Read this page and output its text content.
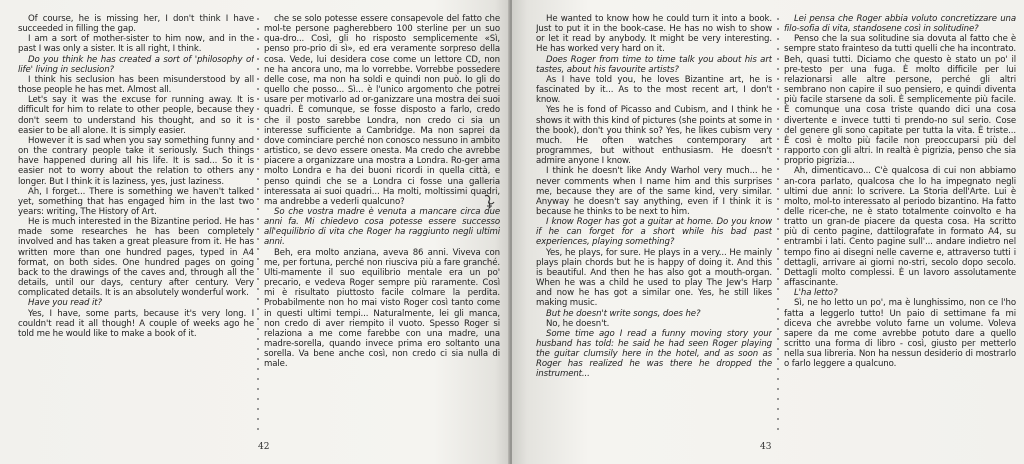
Of course, he is missing her, I don't think I have succeeded in filling the gap.

I am a sort of mother-sister to him now, and in the past I was only a sister. It is all right, I think.

Do you think he has created a sort of 'philosophy of life' living in seclusion?

I think his seclusion has been misunderstood by all those people he has met. Almost all.

Let's say it was the excuse for running away. It is difficult for him to relate to other people, because they don't seem to understand his thought, and so it is easier to be all alone. It is simply easier.

However it is sad when you say something funny and on the contrary people take it seriously. Such things have happened during all his life. It is sad... So it is easier not to worry about the relation to others any longer. But I think it is laziness, yes, just laziness.

Ah, I forget... There is something we haven't talked yet, something that has engaged him in the last two years: writing, The History of Art.

He is much interested in the Bizantine period. He has made some researches he has been completely involved and has taken a great pleasure from it. He has written more than one hundred pages, typed in A4 format, on both sides. One hundred pages on going back to the drawings of the caves and, through all the details, until our days, century after century. Very complicated details. It is an absolutely wonderful work.

Have you read it?

Yes, I have, some parts, because it's very long. I couldn't read it all though! A couple of weeks ago he told me he would like to make a book of it.

che se solo potesse essere consapevole del fatto che mol-te persone pagherebbero 100 sterline per un suo qua-dro... Così, gli ho risposto semplicemente «Sì, penso pro-prio di sì», ed era veramente sorpreso della cosa. Vede, lui desidera cose come un lettore CD, non ne ha ancora uno, ma lo vorrebbe. Vorrebbe possedere delle cose, ma non ha soldi e quindi non può. Io gli do quello che posso... Sì... è l'unico argomento che potrei usare per motivarlo ad or-ganizzare una mostra dei suoi quadri. È comunque, se fosse disposto a farlo, credo che il posto sarebbe Londra, non credo ci sia un interesse sufficiente a Cambridge. Ma non saprei da dove cominciare perché non conosco nessuno in ambito artistico, se devo essere onesta. Ma credo che avrebbe piacere a organizzare una mostra a Londra. Ro-ger ama molto Londra e ha dei buoni ricordi in quella città, e penso quindi che se a Londra ci fosse una galleria interessata ai suoi quadri... Ha molti, moltissimi quadri, ma andrebbe a vederli qualcuno?

So che vostra madre è venuta a mancare circa due anni fa. Mi chiedevo cosa potesse essere successo all'equilibrio di vita che Roger ha raggiunto negli ultimi anni.

Beh, era molto anziana, aveva 86 anni. Viveva con me, per fortuna, perché non riusciva più a fare granché. Ulti-mamente il suo equilibrio mentale era un po' precario, e vedeva Roger sempre più raramente. Così mi è risultato piuttosto facile colmare la perdita. Probabilmente non ho mai visto Roger così tanto come in questi ultimi tempi... Naturalmente, lei gli manca, non credo di aver riempito il vuoto. Spesso Roger si relaziona a me come farebbe con una madre, una madre-sorella, quando invece prima ero soltanto una sorella. Va bene anche così, non credo ci sia nulla di male.

42

He wanted to know how he could turn it into a book. Just to put it in the book-case. He has no wish to show or let it read by anybody. It might be very interesting. He has worked very hard on it.

Does Roger from time to time talk you about his art tastes, about his favourite artists?

As I have told you, he loves Bizantine art, he is fascinated by it... As to the most recent art, I don't know.

Yes he is fond of Picasso and Cubism, and I think he shows it with this kind of pictures (she points at some in the book), don't you think so? Yes, he likes cubism very much. He often watches contemporary art programmes, but without enthusiasm. He doesn't admire anyone I know.

I think he doesn't like Andy Warhol very much... he never comments when I name him and this surprises me, because they are of the same kind, very similar. Anyway he doesn't say anything, even if I think it is because he thinks to be next to him.

I know Roger has got a guitar at home. Do you know if he can forget for a short while his bad past experiences, playing something?

Yes, he plays, for sure. He plays in a very... He mainly plays plain chords but he is happy of doing it. And this is beautiful. And then he has also got a mouth-organ. When he was a child he used to play The Jew's Harp and now he has got a similar one. Yes, he still likes making music.

But he doesn't write songs, does he?

No, he doesn't.

Some time ago I read a funny moving story your husband has told: he said he had seen Roger playing the guitar clumsily here in the hotel, and as soon as Roger has realized he was there he dropped the instrument...

Lei pensa che Roger abbia voluto concretizzare una filo-sofia di vita, standosene così in solitudine?

Penso che la sua solitudine sia dovuta al fatto che è sempre stato frainteso da tutti quelli che ha incontrato. Beh, quasi tutti. Diciamo che questo è stato un po' il pre-testo per una fuga. È molto difficile per lui relazionarsi alle altre persone, perché gli altri sembrano non capire il suo pensiero, e quindi diventa più facile starsene da soli. È semplicemente più facile. È comunque una cosa triste quando dici una cosa divertente e invece tutti ti prendo-no sul serio. Cose del genere gli sono capitate per tutta la vita. È triste... È così è molto più facile non preoccuparsi più del rapporto con gli altri. In realtà è pigrizia, penso che sia proprio pigrizia...

Ah, dimenticavo... C'è qualcosa di cui non abbiamo an-cora parlato, qualcosa che lo ha impegnato negli ultimi due anni: lo scrivere. La Storia dell'Arte. Lui è molto, mol-to interessato al periodo bizantino. Ha fatto delle ricer-che, ne è stato totalmente coinvolto e ha tratto un gran-de piacere da questa cosa. Ha scritto più di cento pagine, dattilografate in formato A4, su entrambi i lati. Cento pagine sull'... andare indietro nel tempo fino ai disegni nelle caverne e, attraverso tutti i dettagli, arrivare ai giorni no-stri, secolo dopo secolo. Dettagli molto complessi. È un lavoro assolutamente affascinante.

L'ha letto?

Sì, ne ho letto un po', ma è lunghissimo, non ce l'ho fatta a leggerlo tutto! Un paio di settimane fa mi diceva che avrebbe voluto farne un volume. Voleva sapere da me come avrebbe potuto dare a quello scritto una forma di libro - così, giusto per metterlo nella sua libreria. Non ha nessun desiderio di mostrarlo o farlo leggere a qualcuno.

43
